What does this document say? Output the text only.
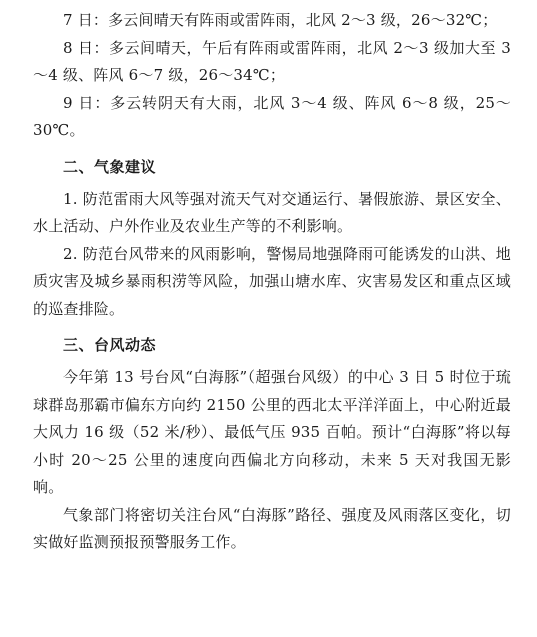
7 日：多云间晴天有阵雨或雷阵雨，北风 2～3 级，26～32℃；

8 日：多云间晴天，午后有阵雨或雷阵雨，北风 2～3 级加大至 3～4 级、阵风 6～7 级，26～34℃；

9 日：多云转阴天有大雨，北风 3～4 级、阵风 6～8 级，25～30℃。

二、气象建议

1. 防范雷雨大风等强对流天气对交通运行、暑假旅游、景区安全、水上活动、户外作业及农业生产等的不利影响。

2. 防范台风带来的风雨影响，警惕局地强降雨可能诱发的山洪、地质灾害及城乡暴雨积涝等风险，加强山塘水库、灾害易发区和重点区域的巡查排险。

三、台风动态

今年第 13 号台风“白海豚”（超强台风级）的中心 3 日 5 时位于琉球群岛那霸市偏东方向约 2150 公里的西北太平洋洋面上，中心附近最大风力 16 级（52 米/秒）、最低气压 935 百帕。预计“白海豚”将以每小时 20～25 公里的速度向西偏北方向移动，未来 5 天对我国无影响。

气象部门将密切关注台风“白海豚”路径、强度及风雨落区变化，切实做好监测预报预警服务工作。
